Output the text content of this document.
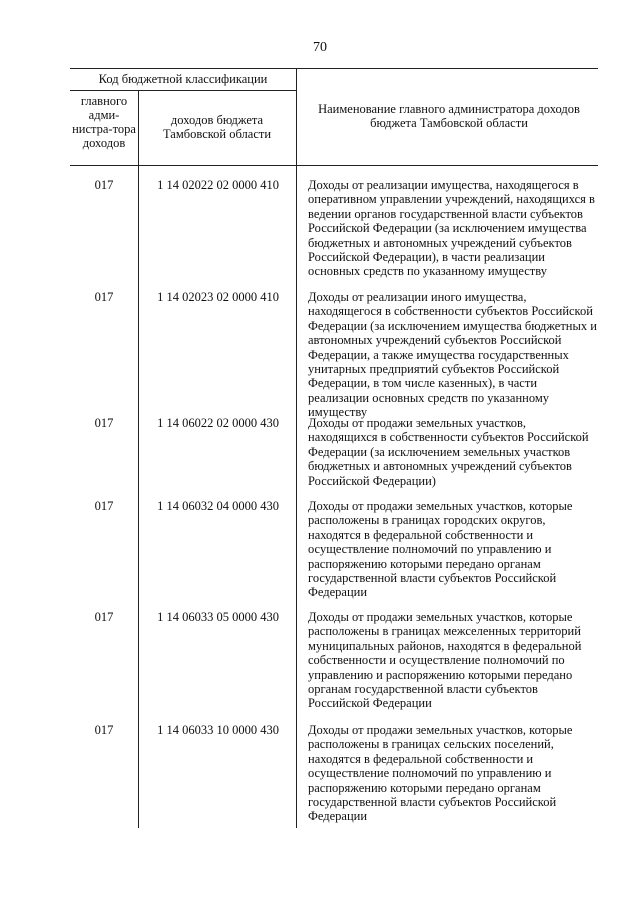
70
Код бюджетной классификации
главного адми-нистра-тора доходов
доходов бюджета Тамбовской области
Наименование главного администратора доходов бюджета Тамбовской области
017	1 14 02022 02 0000 410	Доходы от реализации имущества, находящегося в оперативном управлении учреждений, находящихся в ведении органов государственной власти субъектов Российской Федерации (за исключением имущества бюджетных и автономных учреждений субъектов Российской Федерации), в части реализации основных средств по указанному имуществу
017	1 14 02023 02 0000 410	Доходы от реализации иного имущества, находящегося в собственности субъектов Российской Федерации (за исключением имущества бюджетных и автономных учреждений субъектов Российской Федерации, а также имущества государственных унитарных предприятий субъектов Российской Федерации, в том числе казенных), в части реализации основных средств по указанному имуществу
017	1 14 06022 02 0000 430	Доходы от продажи земельных участков, находящихся в собственности субъектов Российской Федерации (за исключением земельных участков бюджетных и автономных учреждений субъектов Российской Федерации)
017	1 14 06032 04 0000 430	Доходы от продажи земельных участков, которые расположены в границах городских округов, находятся в федеральной собственности и осуществление полномочий по управлению и распоряжению которыми передано органам государственной власти субъектов Российской Федерации
017	1 14 06033 05 0000 430	Доходы от продажи земельных участков, которые расположены в границах межселенных территорий муниципальных районов, находятся в федеральной собственности и осуществление полномочий по управлению и распоряжению которыми передано органам государственной власти субъектов Российской Федерации
017	1 14 06033 10 0000 430	Доходы от продажи земельных участков, которые расположены в границах сельских поселений, находятся в федеральной собственности и осуществление полномочий по управлению и распоряжению которыми передано органам государственной власти субъектов Российской Федерации
